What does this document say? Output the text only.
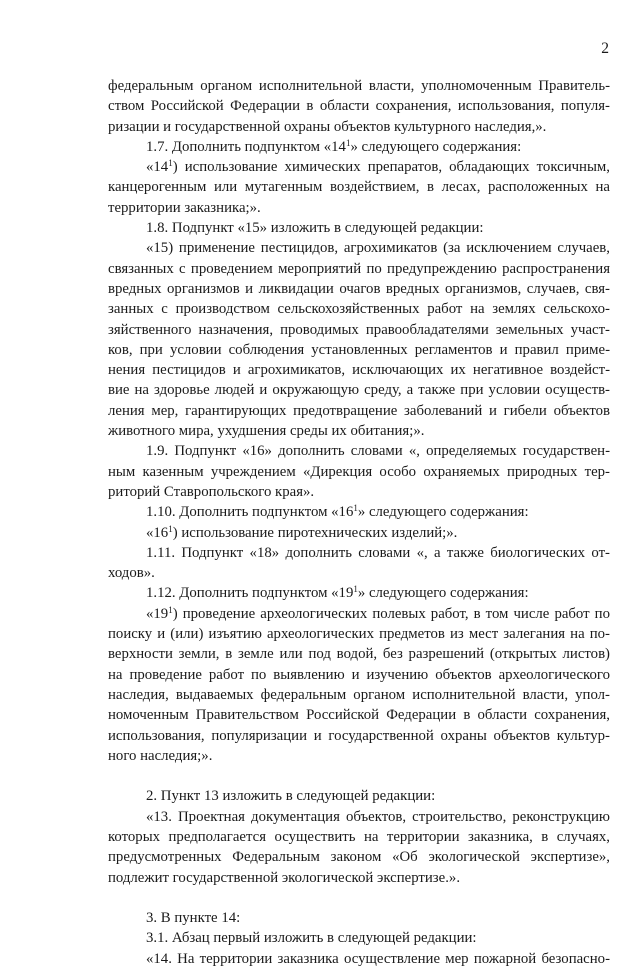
2

федеральным органом исполнительной власти, уполномоченным Правитель-

ством Российской Федерации в области сохранения, использования, популя-

ризации и государственной охраны объектов культурного наследия,».

1.7. Дополнить подпунктом «$14^1$» следующего содержания:

«$14^1$) использование химических препаратов, обладающих токсичным,

канцерогенным или мутагенным воздействием, в лесах, расположенных на

территории заказника;».

1.8. Подпункт «15» изложить в следующей редакции:

«15) применение пестицидов, агрохимикатов (за исключением случаев,

связанных с проведением мероприятий по предупреждению распространения

вредных организмов и ликвидации очагов вредных организмов, случаев, свя-

занных с производством сельскохозяйственных работ на землях сельскохо-

зяйственного назначения, проводимых правообладателями земельных участ-

ков, при условии соблюдения установленных регламентов и правил приме-

нения пестицидов и агрохимикатов, исключающих их негативное воздейст-

вие на здоровье людей и окружающую среду, а также при условии осуществ-

ления мер, гарантирующих предотвращение заболеваний и гибели объектов

животного мира, ухудшения среды их обитания;».

1.9. Подпункт «16» дополнить словами «, определяемых государствен-

ным казенным учреждением «Дирекция особо охраняемых природных тер-

риторий Ставропольского края».

1.10. Дополнить подпунктом «$16^1$» следующего содержания:

«$16^1$) использование пиротехнических изделий;».

1.11. Подпункт «18» дополнить словами «, а также биологических от-

ходов».

1.12. Дополнить подпунктом «$19^1$» следующего содержания:

«$19^1$) проведение археологических полевых работ, в том числе работ по

поиску и (или) изъятию археологических предметов из мест залегания на по-

верхности земли, в земле или под водой, без разрешений (открытых листов)

на проведение работ по выявлению и изучению объектов археологического

наследия, выдаваемых федеральным органом исполнительной власти, упол-

номоченным Правительством Российской Федерации в области сохранения,

использования, популяризации и государственной охраны объектов культур-

ного наследия;».

2. Пункт 13 изложить в следующей редакции:

«13. Проектная документация объектов, строительство, реконструкцию

которых предполагается осуществить на территории заказника, в случаях,

предусмотренных Федеральным законом «Об экологической экспертизе»,

подлежит государственной экологической экспертизе.».

3. В пункте 14:

3.1. Абзац первый изложить в следующей редакции:

«14. На территории заказника осуществление мер пожарной безопасно-
